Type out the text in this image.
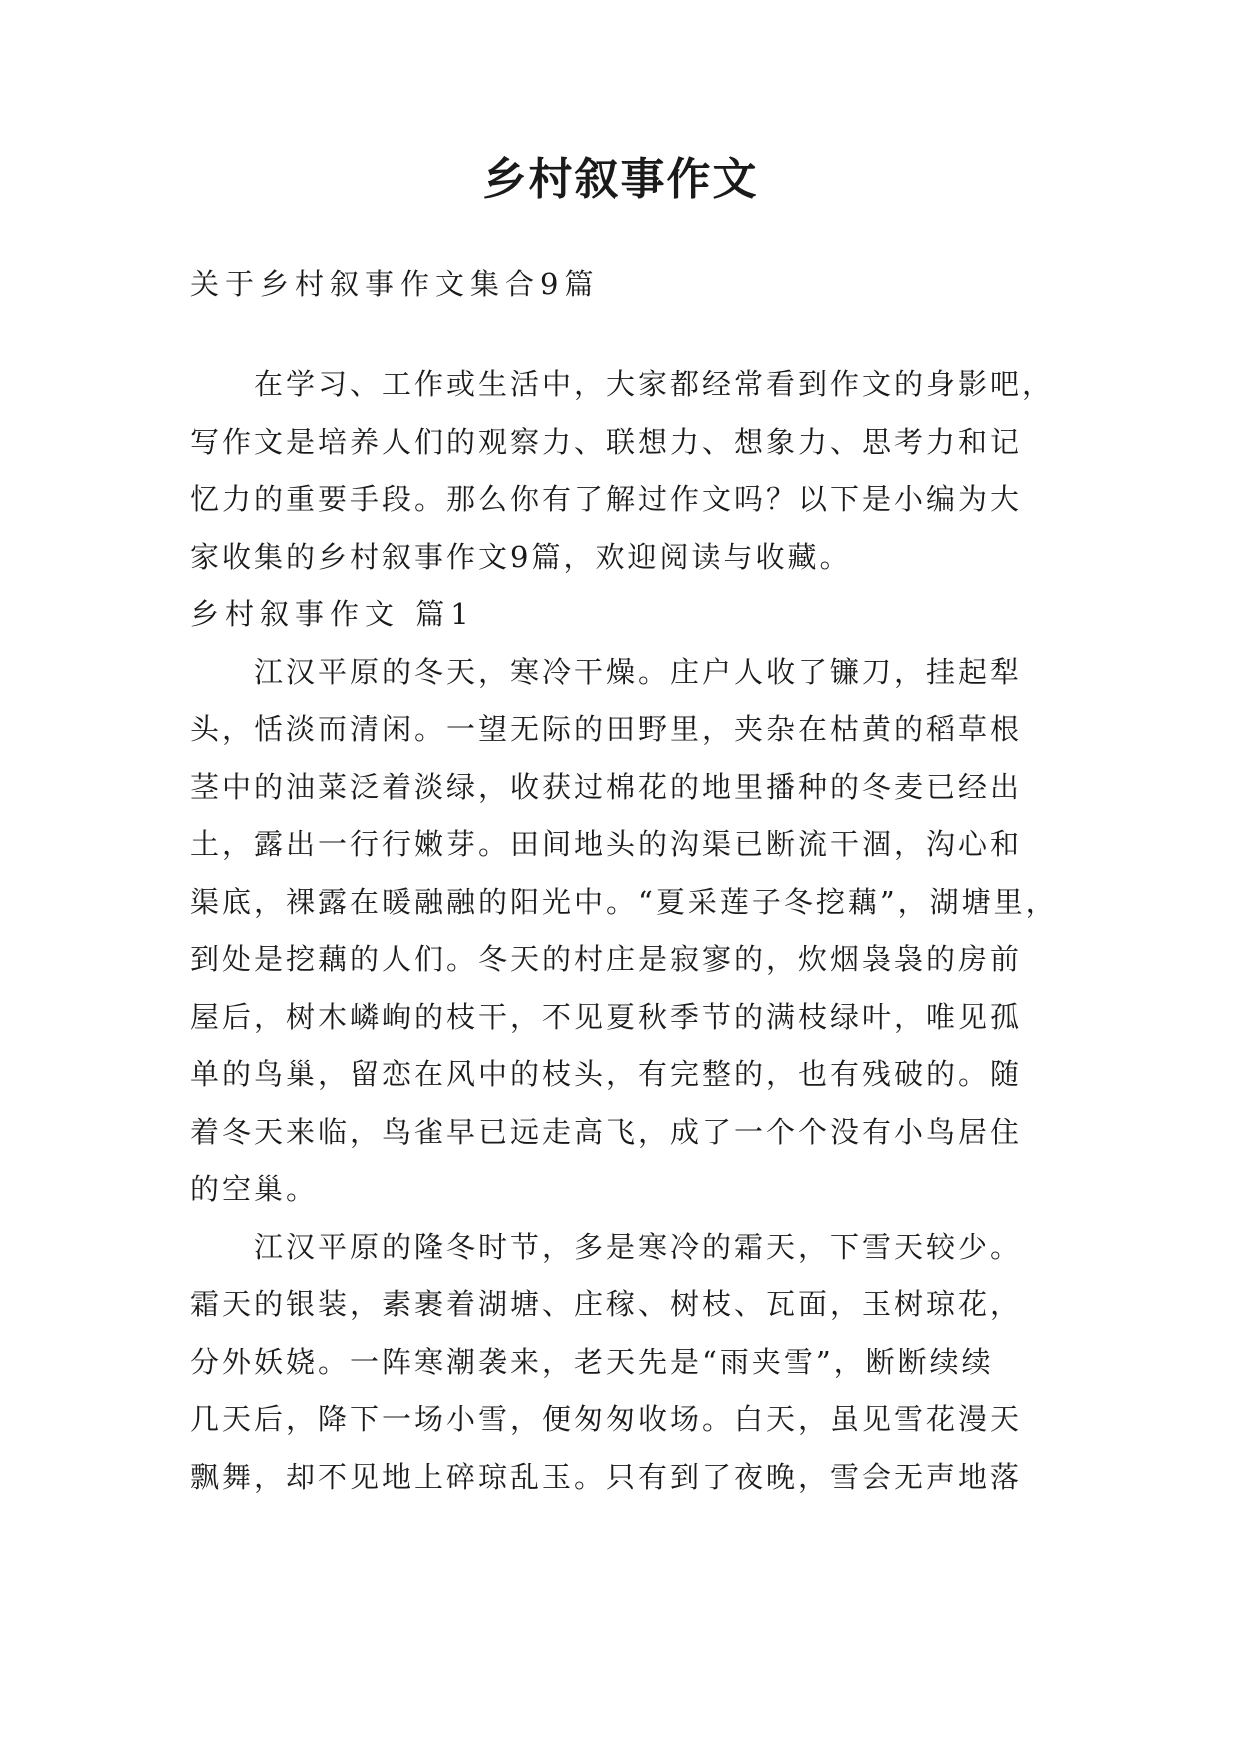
乡村叙事作文
关于乡村叙事作文集合9篇
在学习、工作或生活中，大家都经常看到作文的身影吧，
写作文是培养人们的观察力、联想力、想象力、思考力和记
忆力的重要手段。那么你有了解过作文吗？以下是小编为大
家收集的乡村叙事作文9篇，欢迎阅读与收藏。
乡村叙事作文 篇1
江汉平原的冬天，寒冷干燥。庄户人收了镰刀，挂起犁
头，恬淡而清闲。一望无际的田野里，夹杂在枯黄的稻草根
茎中的油菜泛着淡绿，收获过棉花的地里播种的冬麦已经出
土，露出一行行嫩芽。田间地头的沟渠已断流干涸，沟心和
渠底，裸露在暖融融的阳光中。“夏采莲子冬挖藕”，湖塘里，
到处是挖藕的人们。冬天的村庄是寂寥的，炊烟袅袅的房前
屋后，树木嶙峋的枝干，不见夏秋季节的满枝绿叶，唯见孤
单的鸟巢，留恋在风中的枝头，有完整的，也有残破的。随
着冬天来临，鸟雀早已远走高飞，成了一个个没有小鸟居住
的空巢。
江汉平原的隆冬时节，多是寒冷的霜天，下雪天较少。
霜天的银装，素裹着湖塘、庄稼、树枝、瓦面，玉树琼花，
分外妖娆。一阵寒潮袭来，老天先是“雨夹雪”，断断续续
几天后，降下一场小雪，便匆匆收场。白天，虽见雪花漫天
飘舞，却不见地上碎琼乱玉。只有到了夜晚，雪会无声地落
